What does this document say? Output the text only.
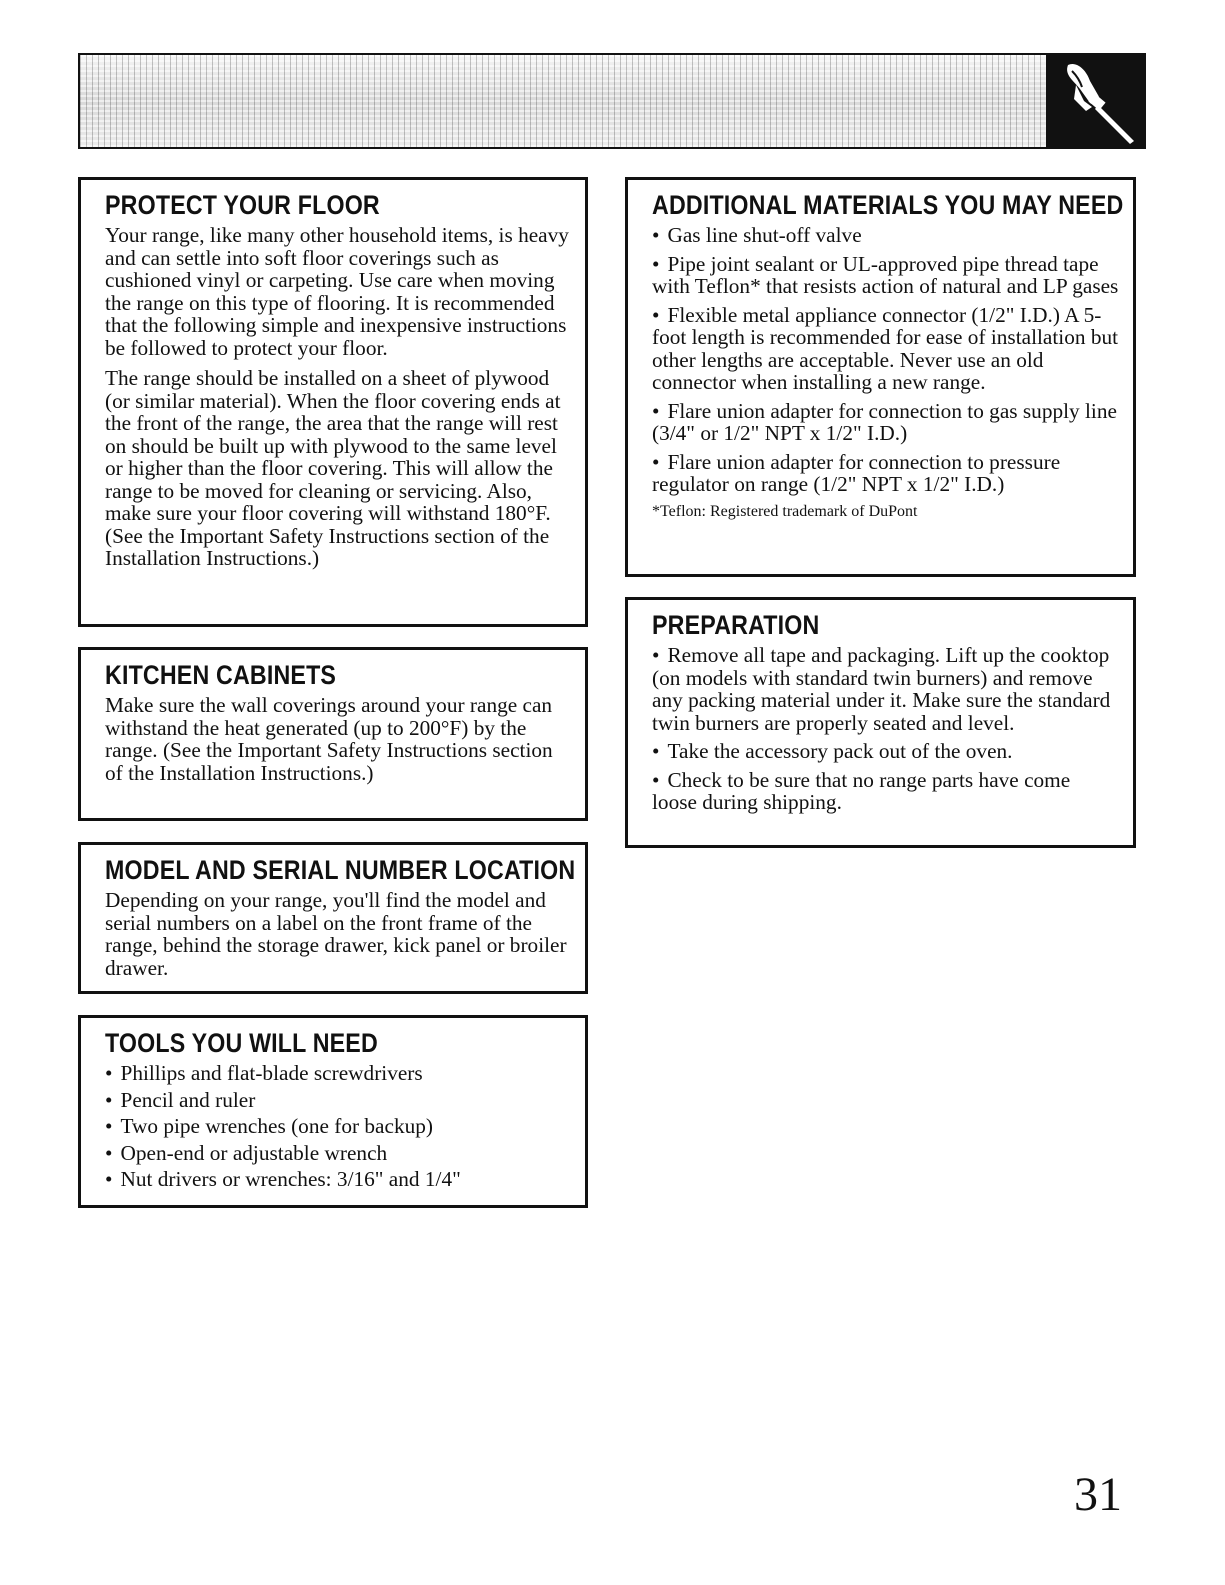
PROTECT YOUR FLOOR

Your range, like many other household items, is heavy and can settle into soft floor coverings such as cushioned vinyl or carpeting. Use care when moving the range on this type of flooring. It is recommended that the following simple and inexpensive instructions be followed to protect your floor.

The range should be installed on a sheet of plywood (or similar material). When the floor covering ends at the front of the range, the area that the range will rest on should be built up with plywood to the same level or higher than the floor covering. This will allow the range to be moved for cleaning or servicing. Also, make sure your floor covering will withstand 180°F. (See the Important Safety Instructions section of the Installation Instructions.)

KITCHEN CABINETS

Make sure the wall coverings around your range can withstand the heat generated (up to 200°F) by the range. (See the Important Safety Instructions section of the Installation Instructions.)

MODEL AND SERIAL NUMBER LOCATION

Depending on your range, you'll find the model and serial numbers on a label on the front frame of the range, behind the storage drawer, kick panel or broiler drawer.

TOOLS YOU WILL NEED
• Phillips and flat-blade screwdrivers
• Pencil and ruler
• Two pipe wrenches (one for backup)
• Open-end or adjustable wrench
• Nut drivers or wrenches: 3/16" and 1/4"
ADDITIONAL MATERIALS YOU MAY NEED
• Gas line shut-off valve
• Pipe joint sealant or UL-approved pipe thread tape with Teflon* that resists action of natural and LP gases
• Flexible metal appliance connector (1/2" I.D.) A 5-foot length is recommended for ease of installation but other lengths are acceptable. Never use an old connector when installing a new range.
• Flare union adapter for connection to gas supply line (3/4" or 1/2" NPT x 1/2" I.D.)
• Flare union adapter for connection to pressure regulator on range (1/2" NPT x 1/2" I.D.)

*Teflon: Registered trademark of DuPont

PREPARATION
• Remove all tape and packaging. Lift up the cooktop (on models with standard twin burners) and remove any packing material under it. Make sure the standard twin burners are properly seated and level.
• Take the accessory pack out of the oven.
• Check to be sure that no range parts have come loose during shipping.
31
